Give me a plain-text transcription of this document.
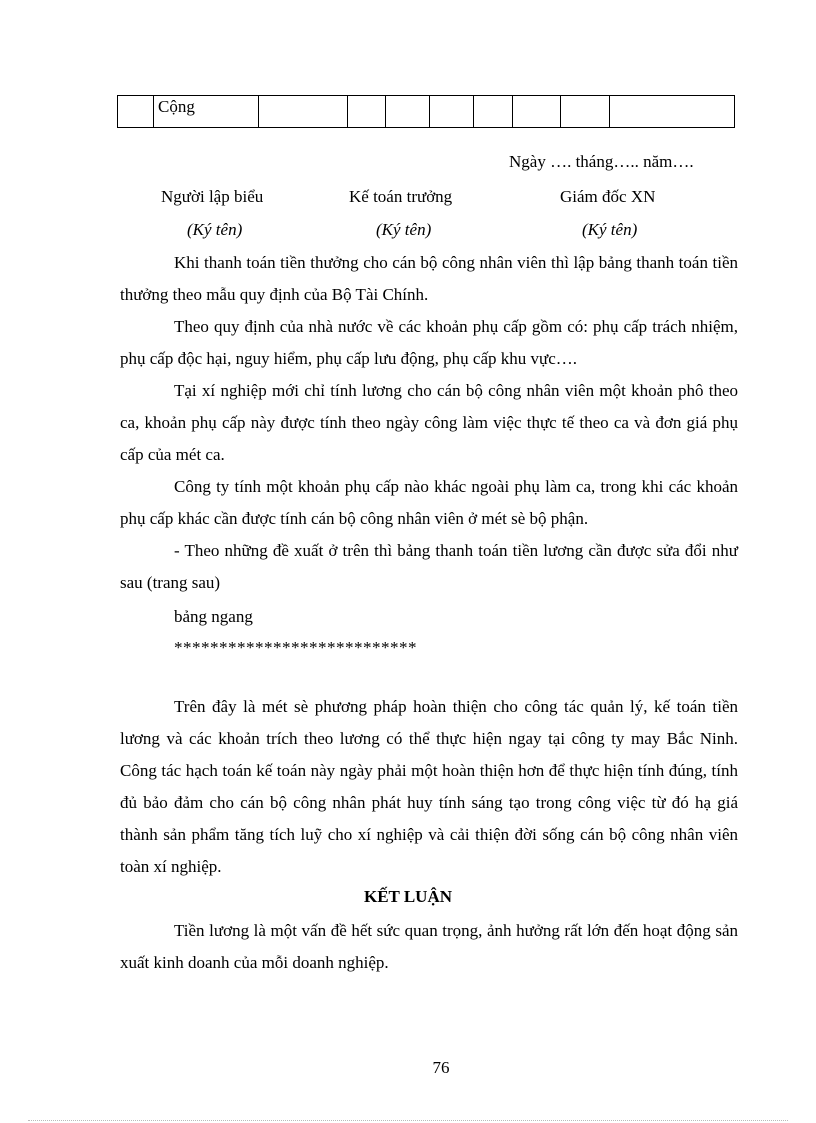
	Cộng								
Ngày …. tháng….. năm….
Người lập biểu	Kế toán trưởng	Giám đốc XN
(Ký tên)	(Ký tên)	(Ký tên)

Khi thanh toán tiền thưởng cho cán bộ công nhân viên thì lập bảng thanh toán tiền thưởng theo mẫu quy định của Bộ Tài Chính.

Theo quy định của nhà nước về các khoản phụ cấp gồm có: phụ cấp trách nhiệm, phụ cấp độc hại, nguy hiểm, phụ cấp lưu động, phụ cấp khu vực….

Tại xí nghiệp mới chỉ tính lương cho cán bộ công nhân viên một khoản phô theo ca, khoản phụ cấp này được tính theo ngày công làm việc thực tế theo ca và đơn giá phụ cấp của mét ca.

Công ty tính một khoản phụ cấp nào khác ngoài phụ làm ca, trong khi các khoản phụ cấp khác cần được tính cán bộ công nhân viên ở mét sè bộ phận.

- Theo những đề xuất ở trên thì bảng thanh toán tiền lương cần được sửa đổi như sau (trang sau)

bảng ngang
***************************

Trên đây là mét sè phương pháp hoàn thiện cho công tác quản lý, kế toán tiền lương và các khoản trích theo lương có thể thực hiện ngay tại công ty may Bắc Ninh. Công tác hạch toán kế toán này ngày phải một hoàn thiện hơn để thực hiện tính đúng, tính đủ bảo đảm cho cán bộ công nhân phát huy tính sáng tạo trong công việc từ đó hạ giá thành sản phẩm tăng tích luỹ cho xí nghiệp và cải thiện đời sống cán bộ công nhân viên toàn xí nghiệp.

KẾT LUẬN

Tiền lương là một vấn đề hết sức quan trọng, ảnh hưởng rất lớn đến hoạt động sản xuất kinh doanh của mỗi doanh nghiệp.

76
